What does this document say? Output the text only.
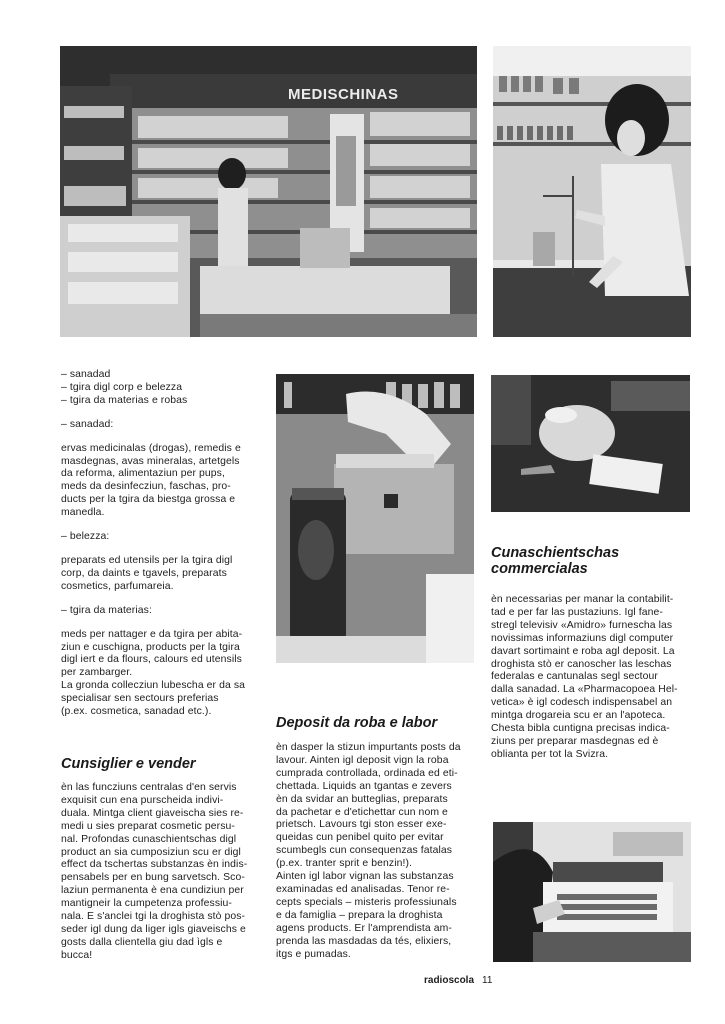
MEDISCHINAS

– sanadad

– tgira digl corp e belezza

– tgira da materias e robas

– sanadad:

ervas medicinalas (drogas), remedis e

masdegnas, avas mineralas, artetgels

da reforma, alimentaziun per pups,

meds da desinfecziun, faschas, pro-

ducts per la tgira da biestga grossa e

manedla.

– belezza:

preparats ed utensils per la tgira digl

corp, da daints e tgavels, preparats

cosmetics, parfumareia.

– tgira da materias:

meds per nattager e da tgira per abita-

ziun e cuschigna, products per la tgira

digl iert e da flours, calours ed utensils

per zambarger.

La gronda collecziun lubescha er da sa

specialisar sen sectours preferias

(p.ex. cosmetica, sanadad etc.).

Cunsiglier e vender

èn las funcziuns centralas d'en servis

exquisit cun ena purscheida indivi-

duala. Mintga client giaveischa sies re-

medi u sies preparat cosmetic persu-

nal. Profondas cunaschientschas digl

product an sia cumposiziun scu er digl

effect da tschertas substanzas èn indis-

pensabels per en bung sarvetsch. Sco-

laziun permanenta è ena cundiziun per

mantigneir la cumpetenza professiu-

nala. E s'anclei tgi la droghista stò pos-

seder igl dung da liger igls giaveischs e

gosts dalla clientella giu dad ìgls e

bucca!

Deposit da roba e labor

èn dasper la stizun impurtants posts da

lavour. Ainten igl deposit vign la roba

cumprada controllada, ordinada ed eti-

chettada. Liquids an tgantas e zevers

èn da svidar an butteglias, preparats

da pachetar e d'etichettar cun nom e

prietsch. Lavours tgi ston esser exe-

queidas cun penibel quito per evitar

scumbegls cun consequenzas fatalas

(p.ex. tranter sprit e benzin!).

Ainten igl labor vignan las substanzas

examinadas ed analisadas. Tenor re-

cepts specials – misteris professiunals

e da famiglia – prepara la droghista

agens products. Er l'amprendista am-

prenda las masdadas da tés, elixiers,

itgs e pumadas.

Cunaschientschas
commercialas

èn necessarias per manar la contabilit-

tad e per far las pustaziuns. Igl fane-

stregl televisiv «Amidro» furnescha las

novissimas informaziuns digl computer

davart sortimaint e roba agl deposit. La

droghista stò er canoscher las leschas

federalas e cantunalas segl sectour

dalla sanadad. La «Pharmacopoea Hel-

vetica» è igl codesch indispensabel an

mintga drogareia scu er an l'apoteca.

Chesta bibla cuntigna precisas indica-

ziuns per preparar masdegnas ed è

oblianta per tot la Svizra.

radioscola 11
